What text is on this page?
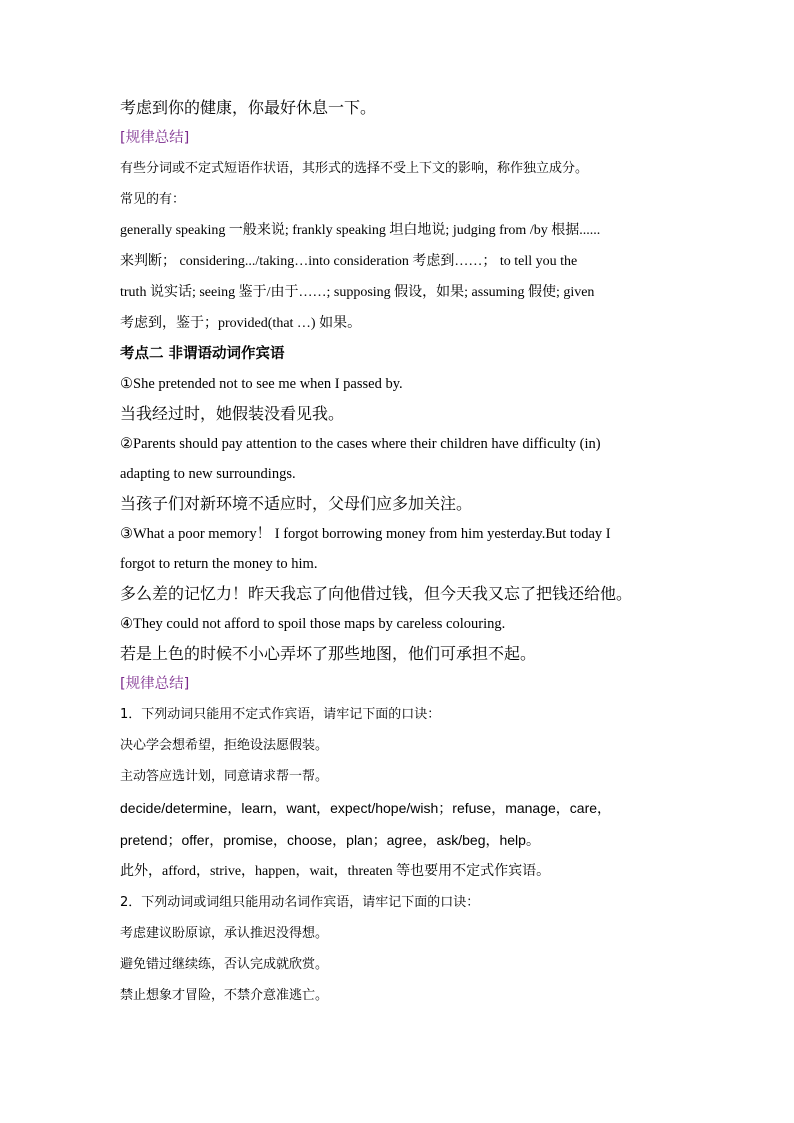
考虑到你的健康，你最好休息一下。
[规律总结]
有些分词或不定式短语作状语，其形式的选择不受上下文的影响，称作独立成分。
常见的有：
generally speaking 一般来说; frankly speaking 坦白地说; judging from /by 根据......
来判断； considering.../taking…into consideration 考虑到……； to tell you the
truth 说实话; seeing 鉴于/由于……; supposing 假设，如果; assuming 假使; given
考虑到，鉴于；provided(that …) 如果。
考点二 非谓语动词作宾语
①She pretended not to see me when I passed by.
当我经过时，她假装没看见我。
②Parents should pay attention to the cases where their children have difficulty (in)
adapting to new surroundings.
当孩子们对新环境不适应时，父母们应多加关注。
③What a poor memory！ I forgot borrowing money from him yesterday.But today I
forgot to return the money to him.
多么差的记忆力！昨天我忘了向他借过钱，但今天我又忘了把钱还给他。
④They could not afford to spoil those maps by careless colouring.
若是上色的时候不小心弄坏了那些地图，他们可承担不起。
[规律总结]
1．下列动词只能用不定式作宾语，请牢记下面的口诀：
决心学会想希望，拒绝设法愿假装。
主动答应选计划，同意请求帮一帮。
decide/determine，learn，want，expect/hope/wish；refuse，manage，care，
pretend；offer，promise，choose，plan；agree，ask/beg，help。
此外，afford，strive，happen，wait，threaten 等也要用不定式作宾语。
2．下列动词或词组只能用动名词作宾语，请牢记下面的口诀：
考虑建议盼原谅，承认推迟没得想。
避免错过继续练，否认完成就欣赏。
禁止想象才冒险，不禁介意准逃亡。
